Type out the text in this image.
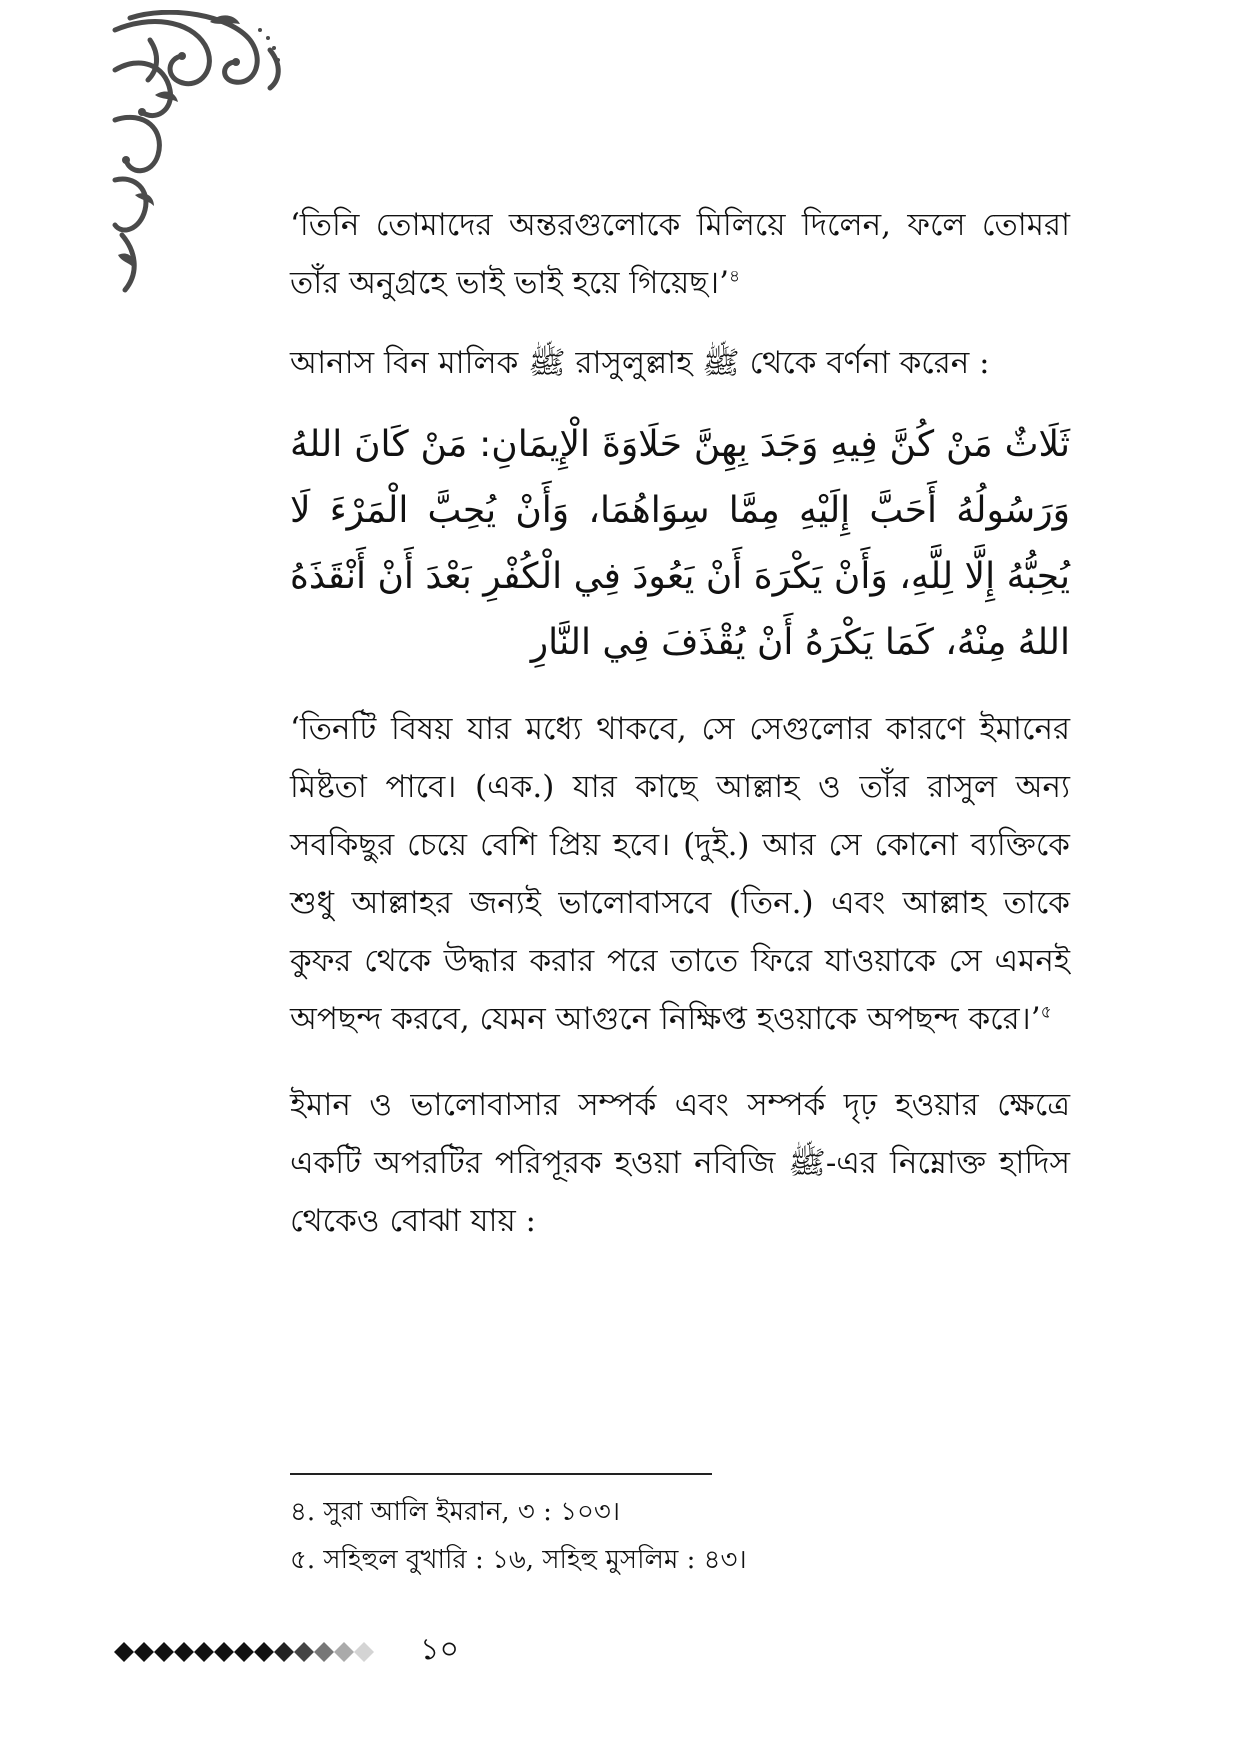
‘তিনি তোমাদের অন্তরগুলোকে মিলিয়ে দিলেন, ফলে তোমরা তাঁর অনুগ্রহে ভাই ভাই হয়ে গিয়েছ।’$^৪$

আনাস বিন মালিক ﷺ রাসুলুল্লাহ ﷺ থেকে বর্ণনা করেন :

ثَلَاثٌ مَنْ كُنَّ فِيهِ وَجَدَ بِهِنَّ حَلَاوَةَ الْإِيمَانِ: مَنْ كَانَ اللهُ وَرَسُولُهُ أَحَبَّ إِلَيْهِ مِمَّا سِوَاهُمَا، وَأَنْ يُحِبَّ الْمَرْءَ لَا يُحِبُّهُ إِلَّا لِلَّهِ، وَأَنْ يَكْرَهَ أَنْ يَعُودَ فِي الْكُفْرِ بَعْدَ أَنْ أَنْقَذَهُ اللهُ مِنْهُ، كَمَا يَكْرَهُ أَنْ يُقْذَفَ فِي النَّارِ

‘তিনটি বিষয় যার মধ্যে থাকবে, সে সেগুলোর কারণে ইমানের মিষ্টতা পাবে। (এক.) যার কাছে আল্লাহ ও তাঁর রাসুল অন্য সবকিছুর চেয়ে বেশি প্রিয় হবে। (দুই.) আর সে কোনো ব্যক্তিকে শুধু আল্লাহর জন্যই ভালোবাসবে (তিন.) এবং আল্লাহ তাকে কুফর থেকে উদ্ধার করার পরে তাতে ফিরে যাওয়াকে সে এমনই অপছন্দ করবে, যেমন আগুনে নিক্ষিপ্ত হওয়াকে অপছন্দ করে।’$^৫$

ইমান ও ভালোবাসার সম্পর্ক এবং সম্পর্ক দৃঢ় হওয়ার ক্ষেত্রে একটি অপরটির পরিপূরক হওয়া নবিজি ﷺ-এর নিম্নোক্ত হাদিস থেকেও বোঝা যায় :

৪. সুরা আলি ইমরান, ৩ : ১০৩।

৫. সহিহুল বুখারি : ১৬, সহিহু মুসলিম : ৪৩।

১০
